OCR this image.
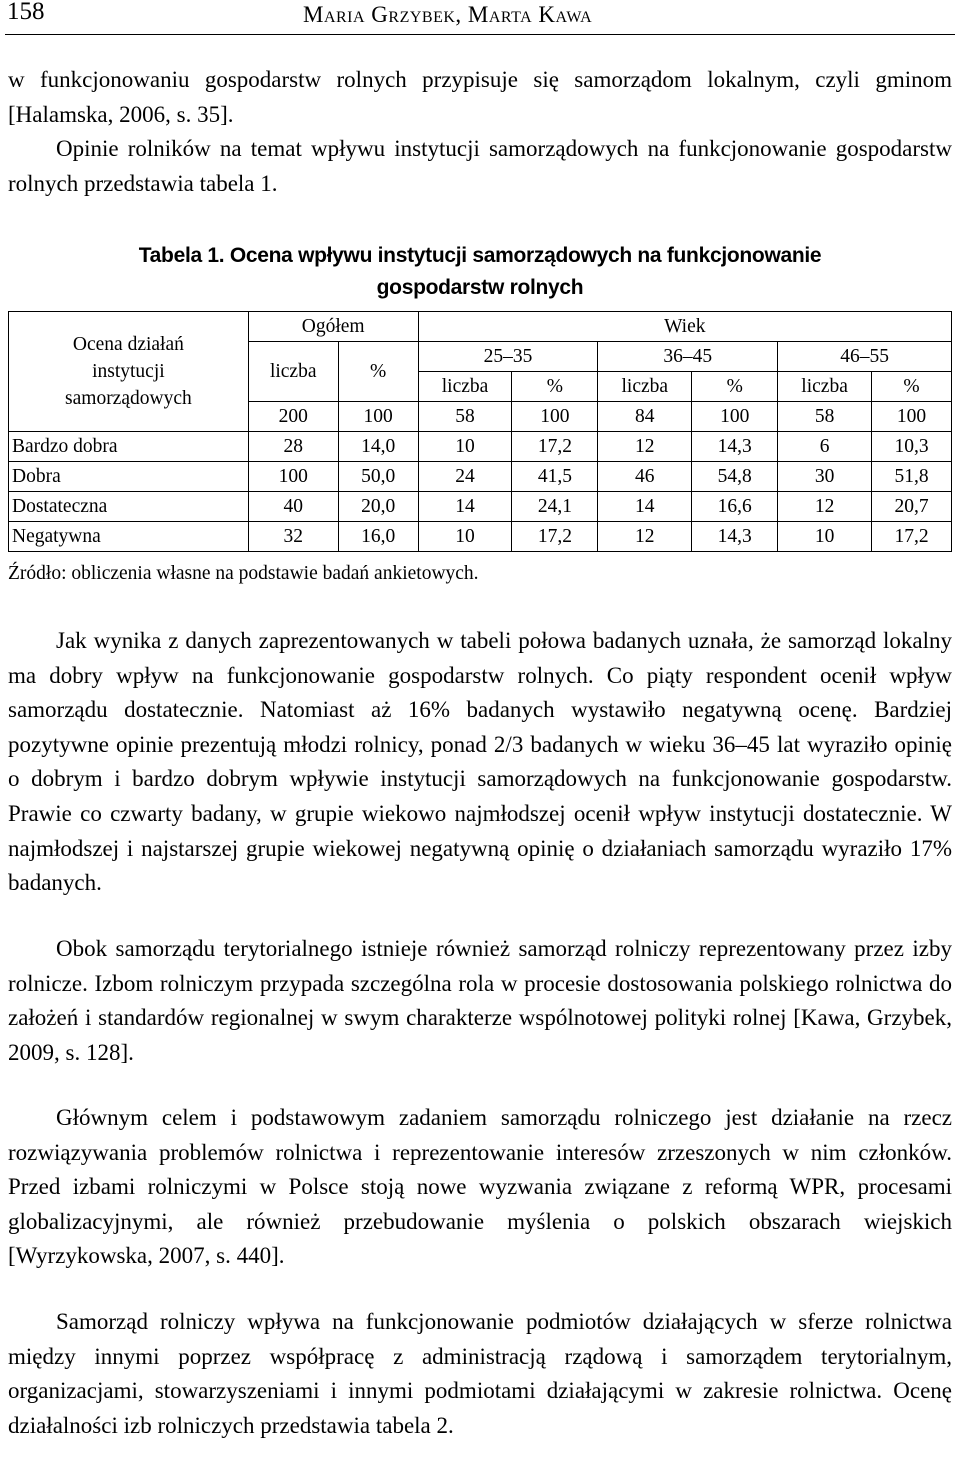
158	Maria Grzybek, Marta Kawa

w funkcjonowaniu gospodarstw rolnych przypisuje się samorządom lokalnym, czyli gminom [Halamska, 2006, s. 35].

Opinie rolników na temat wpływu instytucji samorządowych na funkcjonowanie gospodarstw rolnych przedstawia tabela 1.

Tabela 1. Ocena wpływu instytucji samorządowych na funkcjonowanie
gospodarstw rolnych

Ocena działań
instytucji
samorządowych	Ogółem		Wiek					
	liczba	%	25–35		36–45		46–55	
			liczba	%	liczba	%	liczba	%
	200	100	58	100	84	100	58	100
Bardzo dobra	28	14,0	10	17,2	12	14,3	6	10,3
Dobra	100	50,0	24	41,5	46	54,8	30	51,8
Dostateczna	40	20,0	14	24,1	14	16,6	12	20,7
Negatywna	32	16,0	10	17,2	12	14,3	10	17,2

Źródło: obliczenia własne na podstawie badań ankietowych.

Jak wynika z danych zaprezentowanych w tabeli połowa badanych uznała, że samorząd lokalny ma dobry wpływ na funkcjonowanie gospodarstw rolnych. Co piąty respondent ocenił wpływ samorządu dostatecznie. Natomiast aż 16% badanych wystawiło negatywną ocenę. Bardziej pozytywne opinie prezentują młodzi rolnicy, ponad 2/3 badanych w wieku 36–45 lat wyraziło opinię o dobrym i bardzo dobrym wpływie instytucji samorządowych na funkcjonowanie gospodarstw. Prawie co czwarty badany, w grupie wiekowo najmłodszej ocenił wpływ instytucji dostatecznie. W najmłodszej i najstarszej grupie wiekowej negatywną opinię o działaniach samorządu wyraziło 17% badanych.

Obok samorządu terytorialnego istnieje również samorząd rolniczy reprezentowany przez izby rolnicze. Izbom rolniczym przypada szczególna rola w procesie dostosowania polskiego rolnictwa do założeń i standardów regionalnej w swym charakterze wspólnotowej polityki rolnej [Kawa, Grzybek, 2009, s. 128].

Głównym celem i podstawowym zadaniem samorządu rolniczego jest działanie na rzecz rozwiązywania problemów rolnictwa i reprezentowanie interesów zrzeszonych w nim członków. Przed izbami rolniczymi w Polsce stoją nowe wyzwania związane z reformą WPR, procesami globalizacyjnymi, ale również przebudowanie myślenia o polskich obszarach wiejskich [Wyrzykowska, 2007, s. 440].

Samorząd rolniczy wpływa na funkcjonowanie podmiotów działających w sferze rolnictwa między innymi poprzez współpracę z administracją rządową i samorządem terytorialnym, organizacjami, stowarzyszeniami i innymi podmiotami działającymi w zakresie rolnictwa. Ocenę działalności izb rolniczych przedstawia tabela 2.
